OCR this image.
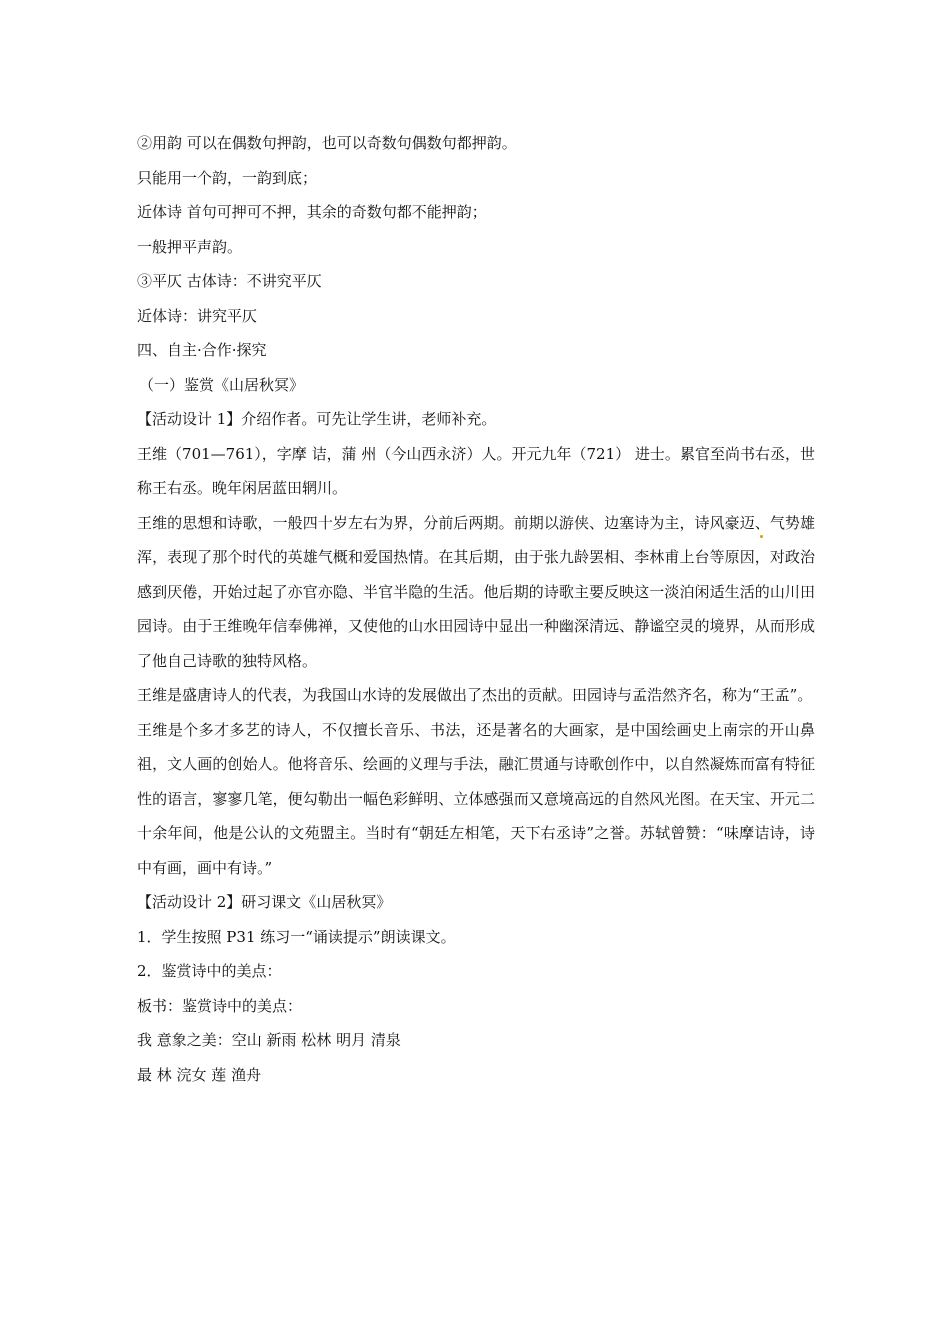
②用韵 可以在偶数句押韵，也可以奇数句偶数句都押韵。
只能用一个韵，一韵到底；
近体诗 首句可押可不押，其余的奇数句都不能押韵；
一般押平声韵。
③平仄 古体诗：不讲究平仄
近体诗：讲究平仄
四、自主·合作·探究
（一）鉴赏《山居秋冥》
【活动设计 1】介绍作者。可先让学生讲，老师补充。
王维（701—761），字摩 诘，蒲 州（今山西永济）人。开元九年（721） 进士。累官至尚书右丞，世称王右丞。晚年闲居蓝田辋川。
王维的思想和诗歌，一般四十岁左右为界，分前后两期。前期以游侠、边塞诗为主，诗风豪迈、气势雄浑，表现了那个时代的英雄气概和爱国热情。在其后期，由于张九龄罢相、李林甫上台等原因，对政治感到厌倦，开始过起了亦官亦隐、半官半隐的生活。他后期的诗歌主要反映这一淡泊闲适生活的山川田园诗。由于王维晚年信奉佛禅，又使他的山水田园诗中显出一种幽深清远、静谧空灵的境界，从而形成了他自己诗歌的独特风格。
王维是盛唐诗人的代表，为我国山水诗的发展做出了杰出的贡献。田园诗与孟浩然齐名，称为“王孟”。
王维是个多才多艺的诗人，不仅擅长音乐、书法，还是著名的大画家，是中国绘画史上南宗的开山鼻祖，文人画的创始人。他将音乐、绘画的义理与手法，融汇贯通与诗歌创作中，以自然凝炼而富有特征性的语言，寥寥几笔，便勾勒出一幅色彩鲜明、立体感强而又意境高远的自然风光图。在天宝、开元二十余年间，他是公认的文苑盟主。当时有“朝廷左相笔，天下右丞诗”之誉。苏轼曾赞：“味摩诘诗，诗中有画，画中有诗。”
【活动设计 2】研习课文《山居秋冥》
1．学生按照 P31 练习一“诵读提示”朗读课文。
2．鉴赏诗中的美点：
板书：鉴赏诗中的美点：
我 意象之美：空山 新雨 松林 明月 清泉
最 林 浣女 莲 渔舟
